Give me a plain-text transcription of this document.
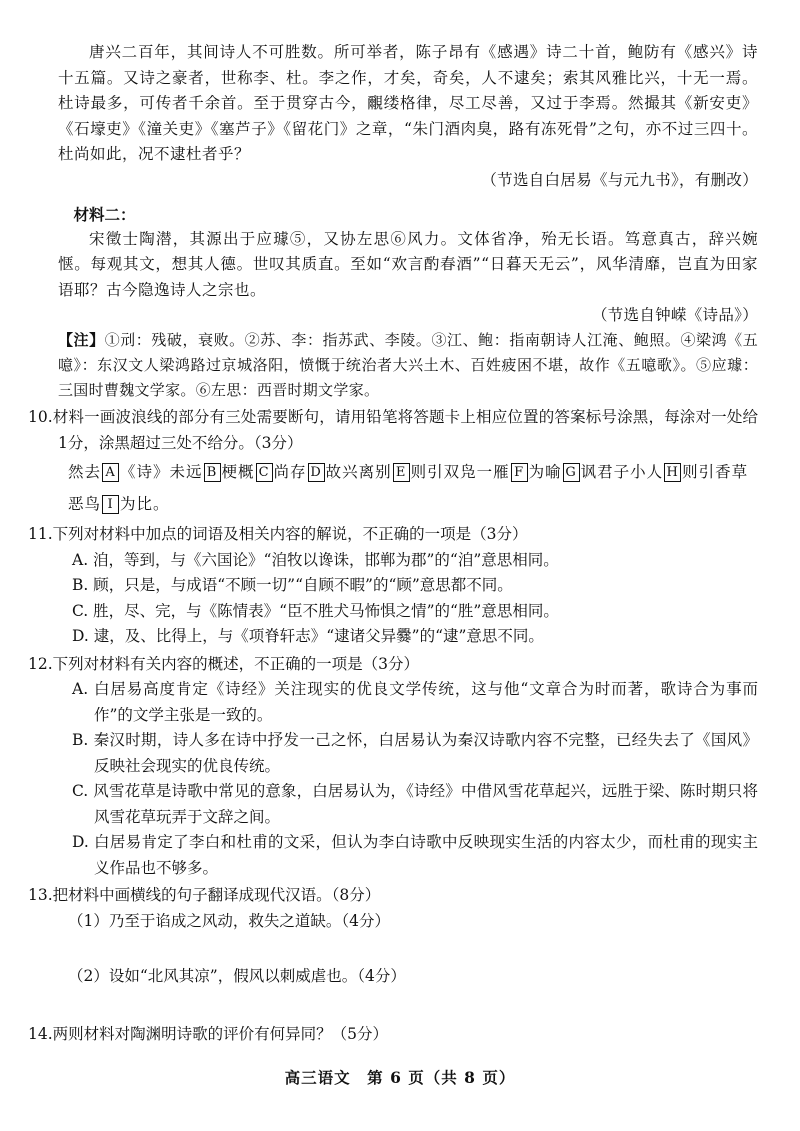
唐兴二百年，其间诗人不可胜数。所可举者，陈子昂有《感遇》诗二十首，鲍防有《感兴》诗十五篇。又诗之豪者，世称李、杜。李之作，才矣，奇矣，人不逮矣；索其风雅比兴，十无一焉。杜诗最多，可传者千余首。至于贯穿古今，覼缕格律，尽工尽善，又过于李焉。然撮其《新安吏》《石壕吏》《潼关吏》《塞芦子》《留花门》之章，“朱门酒肉臭，路有冻死骨”之句，亦不过三四十。杜尚如此，况不逮杜者乎？

（节选自白居易《与元九书》，有删改）

材料二：

宋徵士陶潜，其源出于应璩⑤，又协左思⑥风力。文体省净，殆无长语。笃意真古，辞兴婉惬。每观其文，想其人德。世叹其质直。至如“欢言酌春酒”“日暮天无云”，风华清靡，岂直为田家语耶？古今隐逸诗人之宗也。

（节选自钟嵘《诗品》）

【注】①刓：残破，衰败。②苏、李：指苏武、李陵。③江、鲍：指南朝诗人江淹、鲍照。④梁鸿《五噫》：东汉文人梁鸿路过京城洛阳，愤慨于统治者大兴土木、百姓疲困不堪，故作《五噫歌》。⑤应璩：三国时曹魏文学家。⑥左思：西晋时期文学家。

10.材料一画波浪线的部分有三处需要断句，请用铅笔将答题卡上相应位置的答案标号涂黑，每涂对一处给1分，涂黑超过三处不给分。（3分）

然去 A 《诗》未远 B 梗概 C 尚存 D 故兴离别 E 则引双凫一雁 F 为喻 G 讽君子小人 H 则引香草恶鸟 I 为比。

11.下列对材料中加点的词语及相关内容的解说，不正确的一项是（3分）

A. 洎，等到，与《六国论》“洎牧以谗诛，邯郸为郡”的“洎”意思相同。

B. 顾，只是，与成语“不顾一切”“自顾不暇”的“顾”意思都不同。

C. 胜，尽、完，与《陈情表》“臣不胜犬马怖惧之情”的“胜”意思相同。

D. 逮，及、比得上，与《项脊轩志》“逮诸父异爨”的“逮”意思不同。

12.下列对材料有关内容的概述，不正确的一项是（3分）

A. 白居易高度肯定《诗经》关注现实的优良文学传统，这与他“文章合为时而著，歌诗合为事而作”的文学主张是一致的。

B. 秦汉时期，诗人多在诗中抒发一己之怀，白居易认为秦汉诗歌内容不完整，已经失去了《国风》反映社会现实的优良传统。

C. 风雪花草是诗歌中常见的意象，白居易认为，《诗经》中借风雪花草起兴，远胜于梁、陈时期只将风雪花草玩弄于文辞之间。

D. 白居易肯定了李白和杜甫的文采，但认为李白诗歌中反映现实生活的内容太少，而杜甫的现实主义作品也不够多。

13.把材料中画横线的句子翻译成现代汉语。（8分）

（1）乃至于谄成之风动，救失之道缺。（4分）

（2）设如“北风其凉”，假风以刺威虐也。（4分）

14.两则材料对陶渊明诗歌的评价有何异同？（5分）

高三语文　第 6 页（共 8 页）
